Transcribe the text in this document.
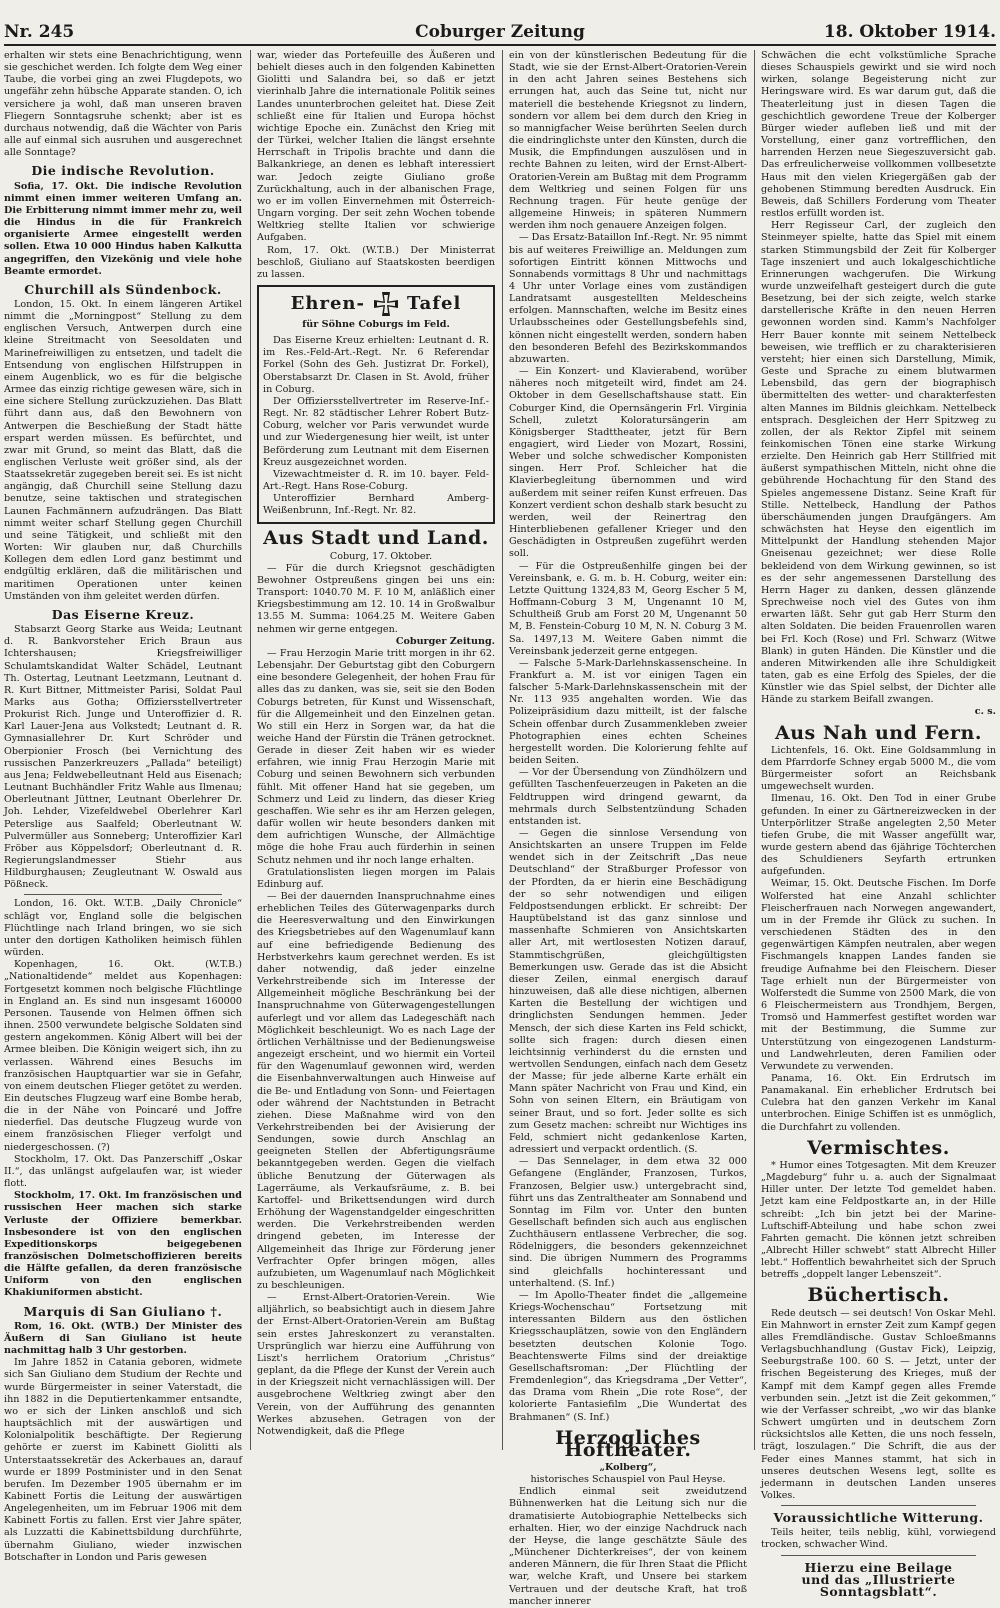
Nr. 245	Coburger Zeitung	18. Oktober 1914.

erhalten wir stets eine Benachrichtigung, wenn sie geschichet werden. Ich folgte dem Weg einer Taube, die vorbei ging an zwei Flugdepots, wo ungefähr zehn hübsche Apparate standen. O, ich versichere ja wohl, daß man unseren braven Fliegern Sonntagsruhe schenkt; aber ist es durchaus notwendig, daß die Wächter von Paris alle auf einmal sich ausruhen und ausgerechnet alle Sonntage?

Die indische Revolution.

Sofia, 17. Okt. Die indische Revolution nimmt einen immer weiteren Umfang an. Die Erbitterung nimmt immer mehr zu, weil die Hindus in die für Frankreich organisierte Armee eingestellt werden sollen. Etwa 10 000 Hindus haben Kalkutta angegriffen, den Vizekönig und viele hohe Beamte ermordet.

Churchill als Sündenbock.

London, 15. Okt. In einem längeren Artikel nimmt die „Morningpost“ Stellung zu dem englischen Versuch, Antwerpen durch eine kleine Streitmacht von Seesoldaten und Marinefreiwilligen zu entsetzen, und tadelt die Entsendung von englischen Hilfstruppen in einem Augenblick, wo es für die belgische Armee das einzig richtige gewesen wäre, sich in eine sichere Stellung zurückzuziehen. Das Blatt führt dann aus, daß den Bewohnern von Antwerpen die Beschießung der Stadt hätte erspart werden müssen. Es befürchtet, und zwar mit Grund, so meint das Blatt, daß die englischen Verluste weit größer sind, als der Staatssekretär zugegeben bereit sei. Es ist nicht angängig, daß Churchill seine Stellung dazu benutze, seine taktischen und strategischen Launen Fachmännern aufzudrängen. Das Blatt nimmt weiter scharf Stellung gegen Churchill und seine Tätigkeit, und schließt mit den Worten: Wir glauben nur, daß Churchills Kollegen dem edlen Lord ganz bestimmt und endgültig erklären, daß die militärischen und maritimen Operationen unter keinen Umständen von ihm geleitet werden dürfen.

Das Eiserne Kreuz.

Stabsarzt Georg Starke aus Weida; Leutnant d. R. Bankvorsteher Erich Braun aus Ichtershausen; Kriegsfreiwilliger Schulamtskandidat Walter Schädel, Leutnant Th. Ostertag, Leutnant Leetzmann, Leutnant d. R. Kurt Bittner, Mittmeister Parisi, Soldat Paul Marks aus Gotha; Offiziersstellvertreter Prokurist Rich. Junge und Unteroffizier d. R. Karl Lauer-Jena aus Volkstedt; Leutnant d. R. Gymnasiallehrer Dr. Kurt Schröder und Oberpionier Frosch (bei Vernichtung des russischen Panzerkreuzers „Pallada“ beteiligt) aus Jena; Feldwebelleutnant Held aus Eisenach; Leutnant Buchhändler Fritz Wahle aus Ilmenau; Oberleutnant Jüttner, Leutnant Oberlehrer Dr. Joh. Lehder, Vizefeldwebel Oberlehrer Karl Peterslige aus Saalfeld; Oberleutnant W. Pulvermüller aus Sonneberg; Unteroffizier Karl Fröber aus Köppelsdorf; Oberleutnant d. R. Regierungslandmesser Stiehr aus Hildburghausen; Zeugleutnant W. Oswald aus Pößneck.

London, 16. Okt. W.T.B. „Daily Chronicle“ schlägt vor, England solle die belgischen Flüchtlinge nach Irland bringen, wo sie sich unter den dortigen Katholiken heimisch fühlen würden.

Kopenhagen, 16. Okt. (W.T.B.) „Nationaltidende“ meldet aus Kopenhagen: Fortgesetzt kommen noch belgische Flüchtlinge in England an. Es sind nun insgesamt 160000 Personen. Tausende von Helmen öffnen sich ihnen. 2500 verwundete belgische Soldaten sind gestern angekommen. König Albert will bei der Armee bleiben. Die Königin weigert sich, ihn zu verlassen. Während eines Besuchs im französischen Hauptquartier war sie in Gefahr, von einem deutschen Flieger getötet zu werden. Ein deutsches Flugzeug warf eine Bombe herab, die in der Nähe von Poincaré und Joffre niederfiel. Das deutsche Flugzeug wurde von einem französischen Flieger verfolgt und niedergeschossen. (?)

Stockholm, 17. Okt. Das Panzerschiff „Oskar II.“, das unlängst aufgelaufen war, ist wieder flott.

Stockholm, 17. Okt. Im französischen und russischen Heer machen sich starke Verluste der Offiziere bemerkbar. Insbesondere ist von den englischen Expeditionskorps beigegebenen französischen Dolmetschoffizieren bereits die Hälfte gefallen, da deren französische Uniform von den englischen Khakiuniformen absticht.

Marquis di San Giuliano †.

Rom, 16. Okt. (WTB.) Der Minister des Äußern di San Giuliano ist heute nachmittag halb 3 Uhr gestorben.

Im Jahre 1852 in Catania geboren, widmete sich San Giuliano dem Studium der Rechte und wurde Bürgermeister in seiner Vaterstadt, die ihn 1882 in die Deputiertenkammer entsandte, wo er sich der Linken anschloß und sich hauptsächlich mit der auswärtigen und Kolonialpolitik beschäftigte. Der Regierung gehörte er zuerst im Kabinett Giolitti als Unterstaatssekretär des Ackerbaues an, darauf wurde er 1899 Postminister und in den Senat berufen. Im Dezember 1905 übernahm er im Kabinett Fortis die Leitung der auswärtigen Angelegenheiten, um im Februar 1906 mit dem Kabinett Fortis zu fallen. Erst vier Jahre später, als Luzzatti die Kabinettsbildung durchführte, übernahm Giuliano, wieder inzwischen Botschafter in London und Paris gewesen

war, wieder das Portefeuille des Äußeren und behielt dieses auch in den folgenden Kabinetten Giolitti und Salandra bei, so daß er jetzt vierinhalb Jahre die internationale Politik seines Landes ununterbrochen geleitet hat. Diese Zeit schließt eine für Italien und Europa höchst wichtige Epoche ein. Zunächst den Krieg mit der Türkei, welcher Italien die längst ersehnte Herrschaft in Tripolis brachte und dann die Balkankriege, an denen es lebhaft interessiert war. Jedoch zeigte Giuliano große Zurückhaltung, auch in der albanischen Frage, wo er im vollen Einvernehmen mit Österreich-Ungarn vorging. Der seit zehn Wochen tobende Weltkrieg stellte Italien vor schwierige Aufgaben.

Rom, 17. Okt. (W.T.B.) Der Ministerrat beschloß, Giuliano auf Staatskosten beerdigen zu lassen.

Ehren- Tafel
für Söhne Coburgs im Feld.

Das Eiserne Kreuz erhielten: Leutnant d. R. im Res.-Feld-Art.-Regt. Nr. 6 Referendar Forkel (Sohn des Geh. Justizrat Dr. Forkel), Oberstabsarzt Dr. Clasen in St. Avold, früher in Coburg.

Der Offiziersstellvertreter im Reserve-Inf.-Regt. Nr. 82 städtischer Lehrer Robert Butz-Coburg, welcher vor Paris verwundet wurde und zur Wiedergenesung hier weilt, ist unter Beförderung zum Leutnant mit dem Eisernen Kreuz ausgezeichnet worden.

Vizewachtmeister d. R. im 10. bayer. Feld-Art.-Regt. Hans Rose-Coburg.

Unteroffizier Bernhard Amberg-Weißenbrunn, Inf.-Regt. Nr. 82.

Aus Stadt und Land.

Coburg, 17. Oktober.

— Für die durch Kriegsnot geschädigten Bewohner Ostpreußens gingen bei uns ein: Transport: 1040.70 M. F. 10 M, anläßlich einer Kriegsbestimmung am 12. 10. 14 in Großwalbur 13.55 M. Summa: 1064.25 M. Weitere Gaben nehmen wir gerne entgegen.

Coburger Zeitung.

— Frau Herzogin Marie tritt morgen in ihr 62. Lebensjahr. Der Geburtstag gibt den Coburgern eine besondere Gelegenheit, der hohen Frau für alles das zu danken, was sie, seit sie den Boden Coburgs betreten, für Kunst und Wissenschaft, für die Allgemeinheit und den Einzelnen getan. Wo still ein Herz in Sorgen war, da hat die weiche Hand der Fürstin die Tränen getrocknet. Gerade in dieser Zeit haben wir es wieder erfahren, wie innig Frau Herzogin Marie mit Coburg und seinen Bewohnern sich verbunden fühlt. Mit offener Hand hat sie gegeben, um Schmerz und Leid zu lindern, das dieser Krieg geschaffen. Wie sehr es ihr am Herzen gelegen, dafür wollen wir heute besonders danken mit dem aufrichtigen Wunsche, der Allmächtige möge die hohe Frau auch fürderhin in seinen Schutz nehmen und ihr noch lange erhalten.

Gratulationslisten liegen morgen im Palais Edinburg auf.

— Bei der dauernden Inanspruchnahme eines erheblichen Teiles des Güterwagenparks durch die Heeresverwaltung und den Einwirkungen des Kriegsbetriebes auf den Wagenumlauf kann auf eine befriedigende Bedienung des Herbstverkehrs kaum gerechnet werden. Es ist daher notwendig, daß jeder einzelne Verkehrstreibende sich im Interesse der Allgemeinheit mögliche Beschränkung bei der Inanspruchnahme von Güterwagengestellungen auferlegt und vor allem das Ladegeschäft nach Möglichkeit beschleunigt. Wo es nach Lage der örtlichen Verhältnisse und der Bedienungsweise angezeigt erscheint, und wo hiermit ein Vorteil für den Wagenumlauf gewonnen wird, werden die Eisenbahnverwaltungen auch Hinweise auf die Be- und Entladung von Sonn- und Feiertagen oder während der Nachtstunden in Betracht ziehen. Diese Maßnahme wird von den Verkehrstreibenden bei der Avisierung der Sendungen, sowie durch Anschlag an geeigneten Stellen der Abfertigungsräume bekanntgegeben werden. Gegen die vielfach übliche Benutzung der Güterwagen als Lagerräume, als Verkaufsräume, z. B. bei Kartoffel- und Brikettsendungen wird durch Erhöhung der Wagenstandgelder eingeschritten werden. Die Verkehrstreibenden werden dringend gebeten, im Interesse der Allgemeinheit das Ihrige zur Förderung jener Verfrachter Opfer bringen mögen, alles aufzubieten, um Wagenumlauf nach Möglichkeit zu beschleunigen.

— Ernst-Albert-Oratorien-Verein. Wie alljährlich, so beabsichtigt auch in diesem Jahre der Ernst-Albert-Oratorien-Verein am Bußtag sein erstes Jahreskonzert zu veranstalten. Ursprünglich war hierzu eine Aufführung von Liszt's herrlichem Oratorium „Christus“ geplant, da die Pflege der Kunst der Verein auch in der Kriegszeit nicht vernachlässigen will. Der ausgebrochene Weltkrieg zwingt aber den Verein, von der Aufführung des genannten Werkes abzusehen. Getragen von der Notwendigkeit, daß die Pflege

ein von der künstlerischen Bedeutung für die Stadt, wie sie der Ernst-Albert-Oratorien-Verein in den acht Jahren seines Bestehens sich errungen hat, auch das Seine tut, nicht nur materiell die bestehende Kriegsnot zu lindern, sondern vor allem bei dem durch den Krieg in so mannigfacher Weise berührten Seelen durch die eindringlichste unter den Künsten, durch die Musik, die Empfindungen auszulösen und in rechte Bahnen zu leiten, wird der Ernst-Albert-Oratorien-Verein am Bußtag mit dem Programm dem Weltkrieg und seinen Folgen für uns Rechnung tragen. Für heute genüge der allgemeine Hinweis; in späteren Nummern werden ihm noch genauere Anzeigen folgen.

— Das Ersatz-Bataillon Inf.-Regt. Nr. 95 nimmt bis auf weiteres Freiwillige an. Meldungen zum sofortigen Eintritt können Mittwochs und Sonnabends vormittags 8 Uhr und nachmittags 4 Uhr unter Vorlage eines vom zuständigen Landratsamt ausgestellten Meldescheins erfolgen. Mannschaften, welche im Besitz eines Urlaubsscheines oder Gestellungsbefehls sind, können nicht eingestellt werden, sondern haben den besonderen Befehl des Bezirkskommandos abzuwarten.

— Ein Konzert- und Klavierabend, worüber näheres noch mitgeteilt wird, findet am 24. Oktober in dem Gesellschaftshause statt. Ein Coburger Kind, die Opernsängerin Frl. Virginia Schell, zuletzt Koloratursängerin am Königsberger Stadttheater, jetzt für Bern engagiert, wird Lieder von Mozart, Rossini, Weber und solche schwedischer Komponisten singen. Herr Prof. Schleicher hat die Klavierbegleitung übernommen und wird außerdem mit seiner reifen Kunst erfreuen. Das Konzert verdient schon deshalb stark besucht zu werden, weil der Reinertrag den Hinterbliebenen gefallener Krieger und den Geschädigten in Ostpreußen zugeführt werden soll.

— Für die Ostpreußenhilfe gingen bei der Vereinsbank, e. G. m. b. H. Coburg, weiter ein: Letzte Quittung 1324,83 M, Georg Escher 5 M, Hoffmann-Coburg 3 M, Ungenannt 10 M, Schultheiß Grub am Forst 20 M, Ungenannt 50 M, B. Fenstein-Coburg 10 M, N. N. Coburg 3 M. Sa. 1497,13 M. Weitere Gaben nimmt die Vereinsbank jederzeit gerne entgegen.

— Falsche 5-Mark-Darlehnskassenscheine. In Frankfurt a. M. ist vor einigen Tagen ein falscher 5-Mark-Darlehnskassenschein mit der Nr. 113 935 angehalten worden. Wie das Polizeipräsidium dazu mitteilt, ist der falsche Schein offenbar durch Zusammenkleben zweier Photographien eines echten Scheines hergestellt worden. Die Kolorierung fehlte auf beiden Seiten.

— Vor der Übersendung von Zündhölzern und gefüllten Taschenfeuerzeugen in Paketen an die Feldtruppen wird dringend gewarnt, da mehrmals durch Selbstentzündung Schaden entstanden ist.

— Gegen die sinnlose Versendung von Ansichtskarten an unsere Truppen im Felde wendet sich in der Zeitschrift „Das neue Deutschland“ der Straßburger Professor von der Pfordten, da er hierin eine Beschädigung der so sehr notwendigen und eiligen Feldpostsendungen erblickt. Er schreibt: Der Hauptübelstand ist das ganz sinnlose und massenhafte Schmieren von Ansichtskarten aller Art, mit wertlosesten Notizen darauf, Stammtischgrüßen, gleichgültigsten Bemerkungen usw. Gerade das ist die Absicht dieser Zeilen, einmal energisch darauf hinzuweisen, daß alle diese nichtigen, albernen Karten die Bestellung der wichtigen und dringlichsten Sendungen hemmen. Jeder Mensch, der sich diese Karten ins Feld schickt, sollte sich fragen: durch diesen einen leichtsinnig verhinderst du die ernsten und wertvollen Sendungen, einfach nach dem Gesetz der Masse; für jede alberne Karte erhält ein Mann später Nachricht von Frau und Kind, ein Sohn von seinen Eltern, ein Bräutigam von seiner Braut, und so fort. Jeder sollte es sich zum Gesetz machen: schreibt nur Wichtiges ins Feld, schmiert nicht gedankenlose Karten, adressiert und verpackt ordentlich. (S.

— Das Sennelager, in dem etwa 32 000 Gefangene (Engländer, Franzosen, Turkos, Franzosen, Belgier usw.) untergebracht sind, führt uns das Zentraltheater am Sonnabend und Sonntag im Film vor. Unter den bunten Gesellschaft befinden sich auch aus englischen Zuchthäusern entlassene Verbrecher, die sog. Rödelniggers, die besonders gekennzeichnet sind. Die übrigen Nummern des Programms sind gleichfalls hochinteressant und unterhaltend. (S. Inf.)

— Im Apollo-Theater findet die „allgemeine Kriegs-Wochenschau“ Fortsetzung mit interessanten Bildern aus den östlichen Kriegsschauplätzen, sowie von den Engländern besetzten deutschen Kolonie Togo. Beachtenswerte Films sind der dreiaktige Gesellschaftsroman: „Der Flüchtling der Fremdenlegion“, das Kriegsdrama „Der Vetter“, das Drama vom Rhein „Die rote Rose“, der kolorierte Fantasiefilm „Die Wundertat des Brahmanen“ (S. Inf.)

Herzogliches Hoftheater.

„Kolberg“,

historisches Schauspiel von Paul Heyse.

Endlich einmal seit zweidutzend Bühnenwerken hat die Leitung sich nur die dramatisierte Autobiographie Nettelbecks sich erhalten. Hier, wo der einzige Nachdruck nach der Heyse, die lange geschätzte Säule des „Münchener Dichterkreises“, der von keinem anderen Männern, die für Ihren Staat die Pflicht war, welche Kraft, und Unsere bei starkem Vertrauen und der deutsche Kraft, hat troß mancher innerer

Schwächen die echt volkstümliche Sprache dieses Schauspiels gewirkt und sie wird noch wirken, solange Begeisterung nicht zur Heringsware wird. Es war darum gut, daß die Theaterleitung just in diesen Tagen die geschichtlich gewordene Treue der Kolberger Bürger wieder aufleben ließ und mit der Vorstellung, einer ganz vortrefflichen, den harrenden Herzen neue Siegeszuversicht gab. Das erfreulicherweise vollkommen vollbesetzte Haus mit den vielen Kriegergäßen gab der gehobenen Stimmung beredten Ausdruck. Ein Beweis, daß Schillers Forderung vom Theater restlos erfüllt worden ist.

Herr Regisseur Carl, der zugleich den Steinmeyer spielte, hatte das Spiel mit einem starken Stimmungsbild der Zeit für Kolberger Tage inszeniert und auch lokalgeschichtliche Erinnerungen wachgerufen. Die Wirkung wurde unzweifelhaft gesteigert durch die gute Besetzung, bei der sich zeigte, welch starke darstellerische Kräfte in den neuen Herren gewonnen worden sind. Kamm's Nachfolger Herr Bauer konnte mit seinem Nettelbeck beweisen, wie trefflich er zu charakterisieren versteht; hier einen sich Darstellung, Mimik, Geste und Sprache zu einem blutwarmen Lebensbild, das gern der biographisch übermittelten des wetter- und charakterfesten alten Mannes im Bildnis gleichkam. Nettelbeck entsprach. Desgleichen der Herr Spitzweg zu zollen, der als Rektor Zipfel mit seinem feinkomischen Tönen eine starke Wirkung erzielte. Den Heinrich gab Herr Stillfried mit äußerst sympathischen Mitteln, nicht ohne die gebührende Hochachtung für den Stand des Spieles angemessene Distanz. Seine Kraft für Stille. Nettelbeck, Handlung der Pathos überschäumenden jungen Draufgängers. Am schwächsten hat Heyse den eigentlich im Mittelpunkt der Handlung stehenden Major Gneisenau gezeichnet; wer diese Rolle bekleidend von dem Wirkung gewinnen, so ist es der sehr angemessenen Darstellung des Herrn Hager zu danken, dessen glänzende Sprechweise noch viel des Gutes von ihm erwarten läßt. Sehr gut gab Herr Sturm den alten Soldaten. Die beiden Frauenrollen waren bei Frl. Koch (Rose) und Frl. Schwarz (Witwe Blank) in guten Händen. Die Künstler und die anderen Mitwirkenden alle ihre Schuldigkeit taten, gab es eine Erfolg des Spieles, der die Künstler wie das Spiel selbst, der Dichter alle Hände zu starkem Beifall zwangen.

c. s.

Aus Nah und Fern.

Lichtenfels, 16. Okt. Eine Goldsammlung in dem Pfarrdorfe Schney ergab 5000 M., die vom Bürgermeister sofort an Reichsbank umgewechselt wurden.

Ilmenau, 16. Okt. Den Tod in einer Grube gefunden. In einer zu Gärtnereizwecken in der Unterpörlitzer Straße angelegten 2,50 Meter tiefen Grube, die mit Wasser angefüllt war, wurde gestern abend das 6jährige Töchterchen des Schuldieners Seyfarth ertrunken aufgefunden.

Weimar, 15. Okt. Deutsche Fischen. Im Dorfe Wolfersted hat eine Anzahl schlichter Fleischerfrauen nach Norwegen angewandert, um in der Fremde ihr Glück zu suchen. In verschiedenen Städten des in den gegenwärtigen Kämpfen neutralen, aber wegen Fischmangels knappen Landes fanden sie freudige Aufnahme bei den Fleischern. Dieser Tage erhielt nun der Bürgermeister von Wolferstedt die Summe von 2500 Mark, die von 6 Fleischermeistern aus Trondhjem, Bergen, Tromsö und Hammerfest gestiftet worden war mit der Bestimmung, die Summe zur Unterstützung von eingezogenen Landsturm- und Landwehrleuten, deren Familien oder Verwundete zu verwenden.

Panama, 16. Okt. Ein Erdrutsch im Panamakanal. Ein erheblicher Erdrutsch bei Culebra hat den ganzen Verkehr im Kanal unterbrochen. Einige Schiffen ist es unmöglich, die Durchfahrt zu vollenden.

Vermischtes.

* Humor eines Totgesagten. Mit dem Kreuzer „Magdeburg“ fuhr u. a. auch der Signalmaat Hiller unter. Der letzte Tod gemeldet haben. Jetzt kam eine Feldpostkarte an, in der Hille schreibt: „Ich bin jetzt bei der Marine-Luftschiff-Abteilung und habe schon zwei Fahrten gemacht. Die können jetzt schreiben „Albrecht Hiller schwebt“ statt Albrecht Hiller lebt.“ Hoffentlich bewahrheitet sich der Spruch betreffs „doppelt langer Lebenszeit“.

Büchertisch.

Rede deutsch — sei deutsch! Von Oskar Mehl. Ein Mahnwort in ernster Zeit zum Kampf gegen alles Fremdländische. Gustav Schloeßmanns Verlagsbuchhandlung (Gustav Fick), Leipzig, Seeburgstraße 100. 60 S. — Jetzt, unter der frischen Begeisterung des Krieges, muß der Kampf mit dem Kampf gegen alles Fremde verbunden sein. „Jetzt ist die Zeit gekommen,“ wie der Verfasser schreibt, „wo wir das blanke Schwert umgürten und in deutschem Zorn rücksichtslos alle Ketten, die uns noch fesseln, trägt, loszulagen.“ Die Schrift, die aus der Feder eines Mannes stammt, hat sich in unseres deutschen Wesens legt, sollte es jedermann in deutschen Landen unseres Volkes.

Voraussichtliche Witterung.

Teils heiter, teils neblig, kühl, vorwiegend trocken, schwacher Wind.

Hierzu eine Beilage
und das „Illustrierte Sonntagsblatt“.
